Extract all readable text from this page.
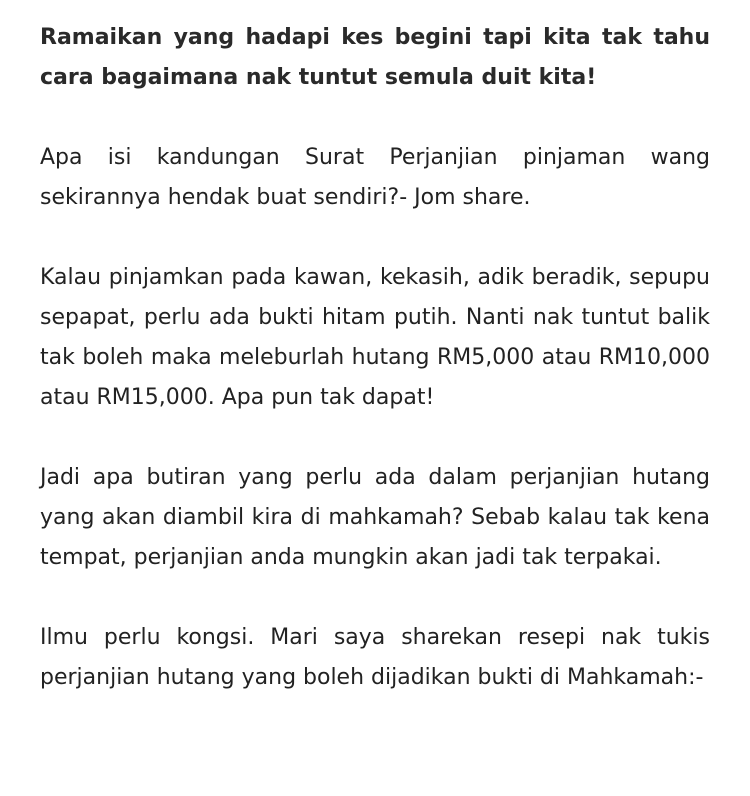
Ramaikan yang hadapi kes begini tapi kita tak tahu cara bagaimana nak tuntut semula duit kita!

Apa isi kandungan Surat Perjanjian pinjaman wang sekirannya hendak buat sendiri?- Jom share.

Kalau pinjamkan pada kawan, kekasih, adik beradik, sepupu sepapat, perlu ada bukti hitam putih. Nanti nak tuntut balik tak boleh maka meleburlah hutang RM5,000 atau RM10,000 atau RM15,000. Apa pun tak dapat!

Jadi apa butiran yang perlu ada dalam perjanjian hutang yang akan diambil kira di mahkamah? Sebab kalau tak kena tempat, perjanjian anda mungkin akan jadi tak terpakai.

Ilmu perlu kongsi. Mari saya sharekan resepi nak tukis perjanjian hutang yang boleh dijadikan bukti di Mahkamah:-
